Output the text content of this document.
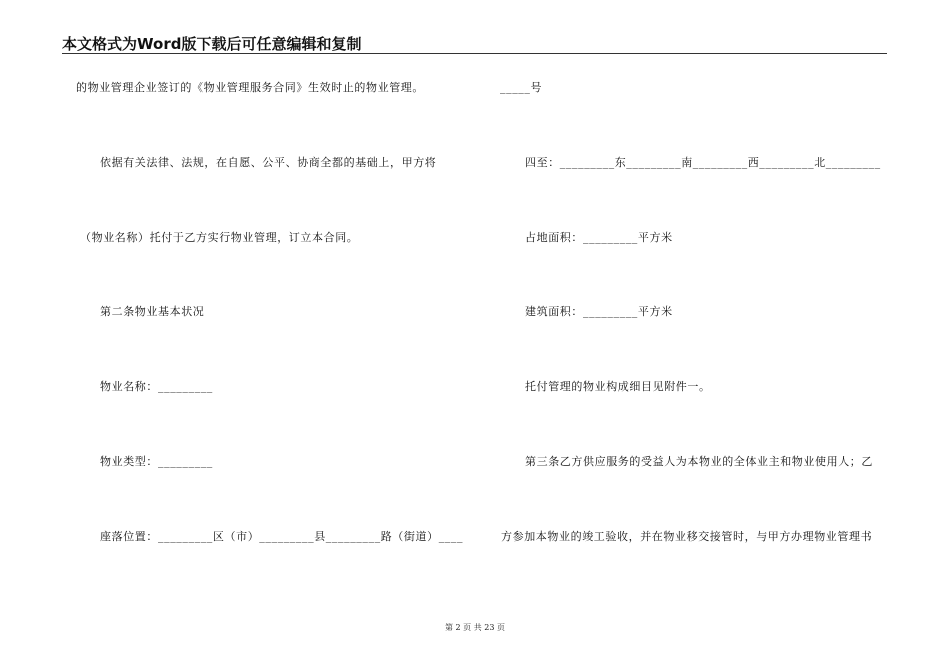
本文格式为Word版下载后可任意编辑和复制
的物业管理企业签订的《物业管理服务合同》生效时止的物业管理。
依据有关法律、法规，在自愿、公平、协商全都的基础上，甲方将
（物业名称）托付于乙方实行物业管理，订立本合同。
第二条物业基本状况
物业名称：_________
物业类型：_________
座落位置：_________区（市）_________县_________路（街道）____
_____号
四至：_________东_________南_________西_________北_________
占地面积：_________平方米
建筑面积：_________平方米
托付管理的物业构成细目见附件一。
第三条乙方供应服务的受益人为本物业的全体业主和物业使用人；乙
方参加本物业的竣工验收，并在物业移交接管时，与甲方办理物业管理书
第 2 页 共 23 页
